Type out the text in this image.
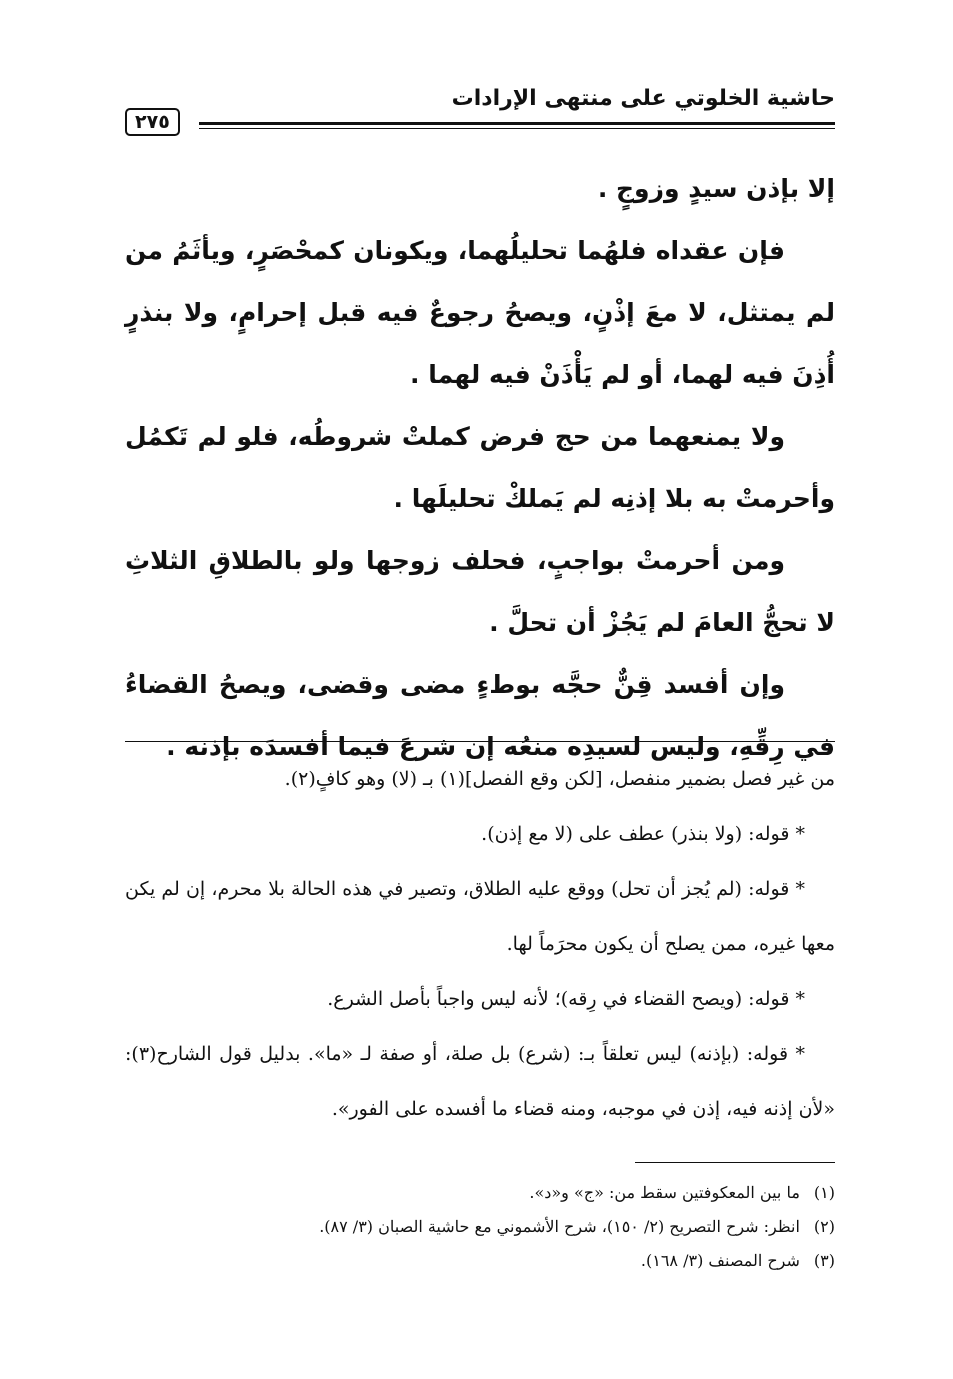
حاشية الخلوتي على منتهى الإرادات
٢٧٥

إلا بإذن سيدٍ وزوجٍ .

فإن عقداه فلهُما تحليلُهما، ويكونان كمحْصَرٍ، ويأثَمُ من لم يمتثل، لا معَ إذْنٍ، ويصحُ رجوعٌ فيه قبل إحرامٍ، ولا بنذرٍ أُذِنَ فيه لهما، أو لم يَأْذَنْ فيه لهما .

ولا يمنعهما من حج فرض كملتْ شروطُه، فلو لم تَكمُل وأحرمتْ به بلا إذنِه لم يَملكْ تحليلَها .

ومن أحرمتْ بواجبٍ، فحلف زوجها ولو بالطلاقِ الثلاثِ لا تحجُّ العامَ لم يَجُزْ أن تحلَّ .

وإن أفسد قِنٌّ حجَّه بوطءٍ مضى وقضى، ويصحُ القضاءُ في رِقِّهِ، وليس لسيدِه منعُه إن شرعَ فيما أفسدَه بإذنه .

من غير فصل بضمير منفصل، [لكن وقع الفصل](١) بـ (لا) وهو كافٍ(٢).

* قوله: (ولا بنذر) عطف على (لا مع إذن).

* قوله: (لم يُجز أن تحل) ووقع عليه الطلاق، وتصير في هذه الحالة بلا محرم، إن لم يكن معها غيره، ممن يصلح أن يكون محرَماً لها.

* قوله: (ويصح القضاء في رِقه)؛ لأنه ليس واجباً بأصل الشرع.

* قوله: (بإذنه) ليس تعلقاً بـ: (شرع) بل صلة، أو صفة لـ «ما». بدليل قول الشارح(٣): «لأن إذنه فيه، إذن في موجبه، ومنه قضاء ما أفسده على الفور».

(١) ما بين المعكوفتين سقط من: «ج» و«د».

(٢) انظر: شرح التصريح (٢/ ١٥٠)، شرح الأشموني مع حاشية الصبان (٣/ ٨٧).

(٣) شرح المصنف (٣/ ١٦٨).
